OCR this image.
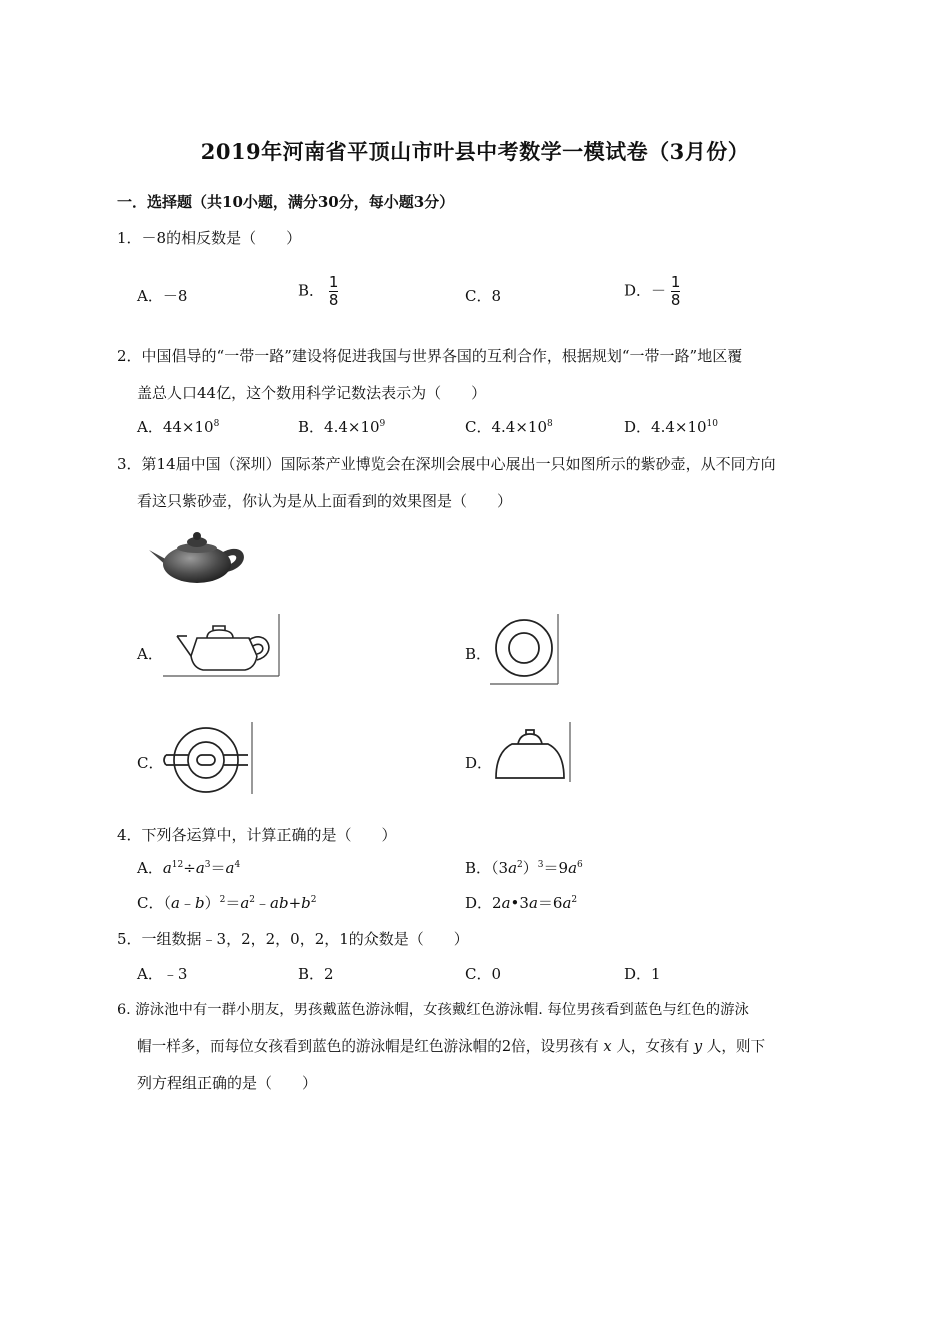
2019年河南省平顶山市叶县中考数学一模试卷（3月份）
一．选择题（共10小题，满分30分，每小题3分）
1．－8的相反数是（　　）
A．－8	B． $\frac{1}{8}$	C．8	D．－ $\frac{1}{8}$
2．中国倡导的“一带一路”建设将促进我国与世界各国的互利合作，根据规划“一带一路”地区覆
盖总人口44亿，这个数用科学记数法表示为（　　）
A．$44\times 10^8$	B．$4.4\times 10^9$	C．$4.4\times 10^8$	D．$4.4\times 10^{10}$
3．第14届中国（深圳）国际茶产业博览会在深圳会展中心展出一只如图所示的紫砂壶，从不同方向
看这只紫砂壶，你认为是从上面看到的效果图是（　　）
A．	B．
C．	D．
4．下列各运算中，计算正确的是（　　）
A．$a^{12}\div a^3=a^4$	B．$(3a^2)^3=9a^6$
C．$(a﹣b)^2=a^2﹣ab+b^2$	D．$2a•3a=6a^2$
5．一组数据﹣3，2，2，0，2，1的众数是（　　）
A．﹣3	B．2	C．0	D．1
6. 游泳池中有一群小朋友，男孩戴蓝色游泳帽，女孩戴红色游泳帽. 每位男孩看到蓝色与红色的游泳
帽一样多，而每位女孩看到蓝色的游泳帽是红色游泳帽的2倍，设男孩有 x 人，女孩有 y 人，则下
列方程组正确的是（　　）
